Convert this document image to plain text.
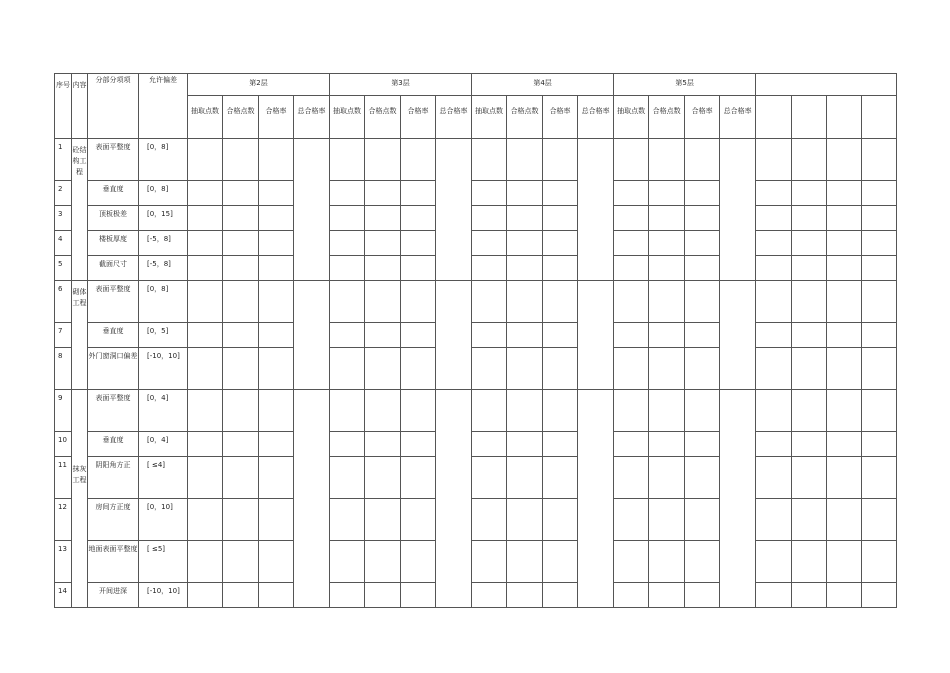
序号	内容	分部分项项	允许偏差	第2层				第3层				第4层				第5层							

				抽取点数	合格点数	合格率	总合格率	抽取点数	合格点数	合格率	总合格率	抽取点数	合格点数	合格率	总合格率	抽取点数	合格点数	合格率	总合格率				

1	砼结构工程	表面平整度	[0，8]																				

2		垂直度	[0，8]																				

3		顶板极差	[0，15]																				

4		楼板厚度	[-5，8]																				

5		截面尺寸	[-5，8]																				

6	砌体工程	表面平整度	[0，8]																				

7		垂直度	[0，5]																				

8		外门窗洞口偏差	[-10，10]																				

9	抹灰工程	表面平整度	[0，4]																				

10		垂直度	[0，4]																				

11		阴阳角方正	[ ≤4]																				

12		房间方正度	[0，10]																				

13		地面表面平整度	[ ≤5]																				

14		开间进深	[-10，10]																				
